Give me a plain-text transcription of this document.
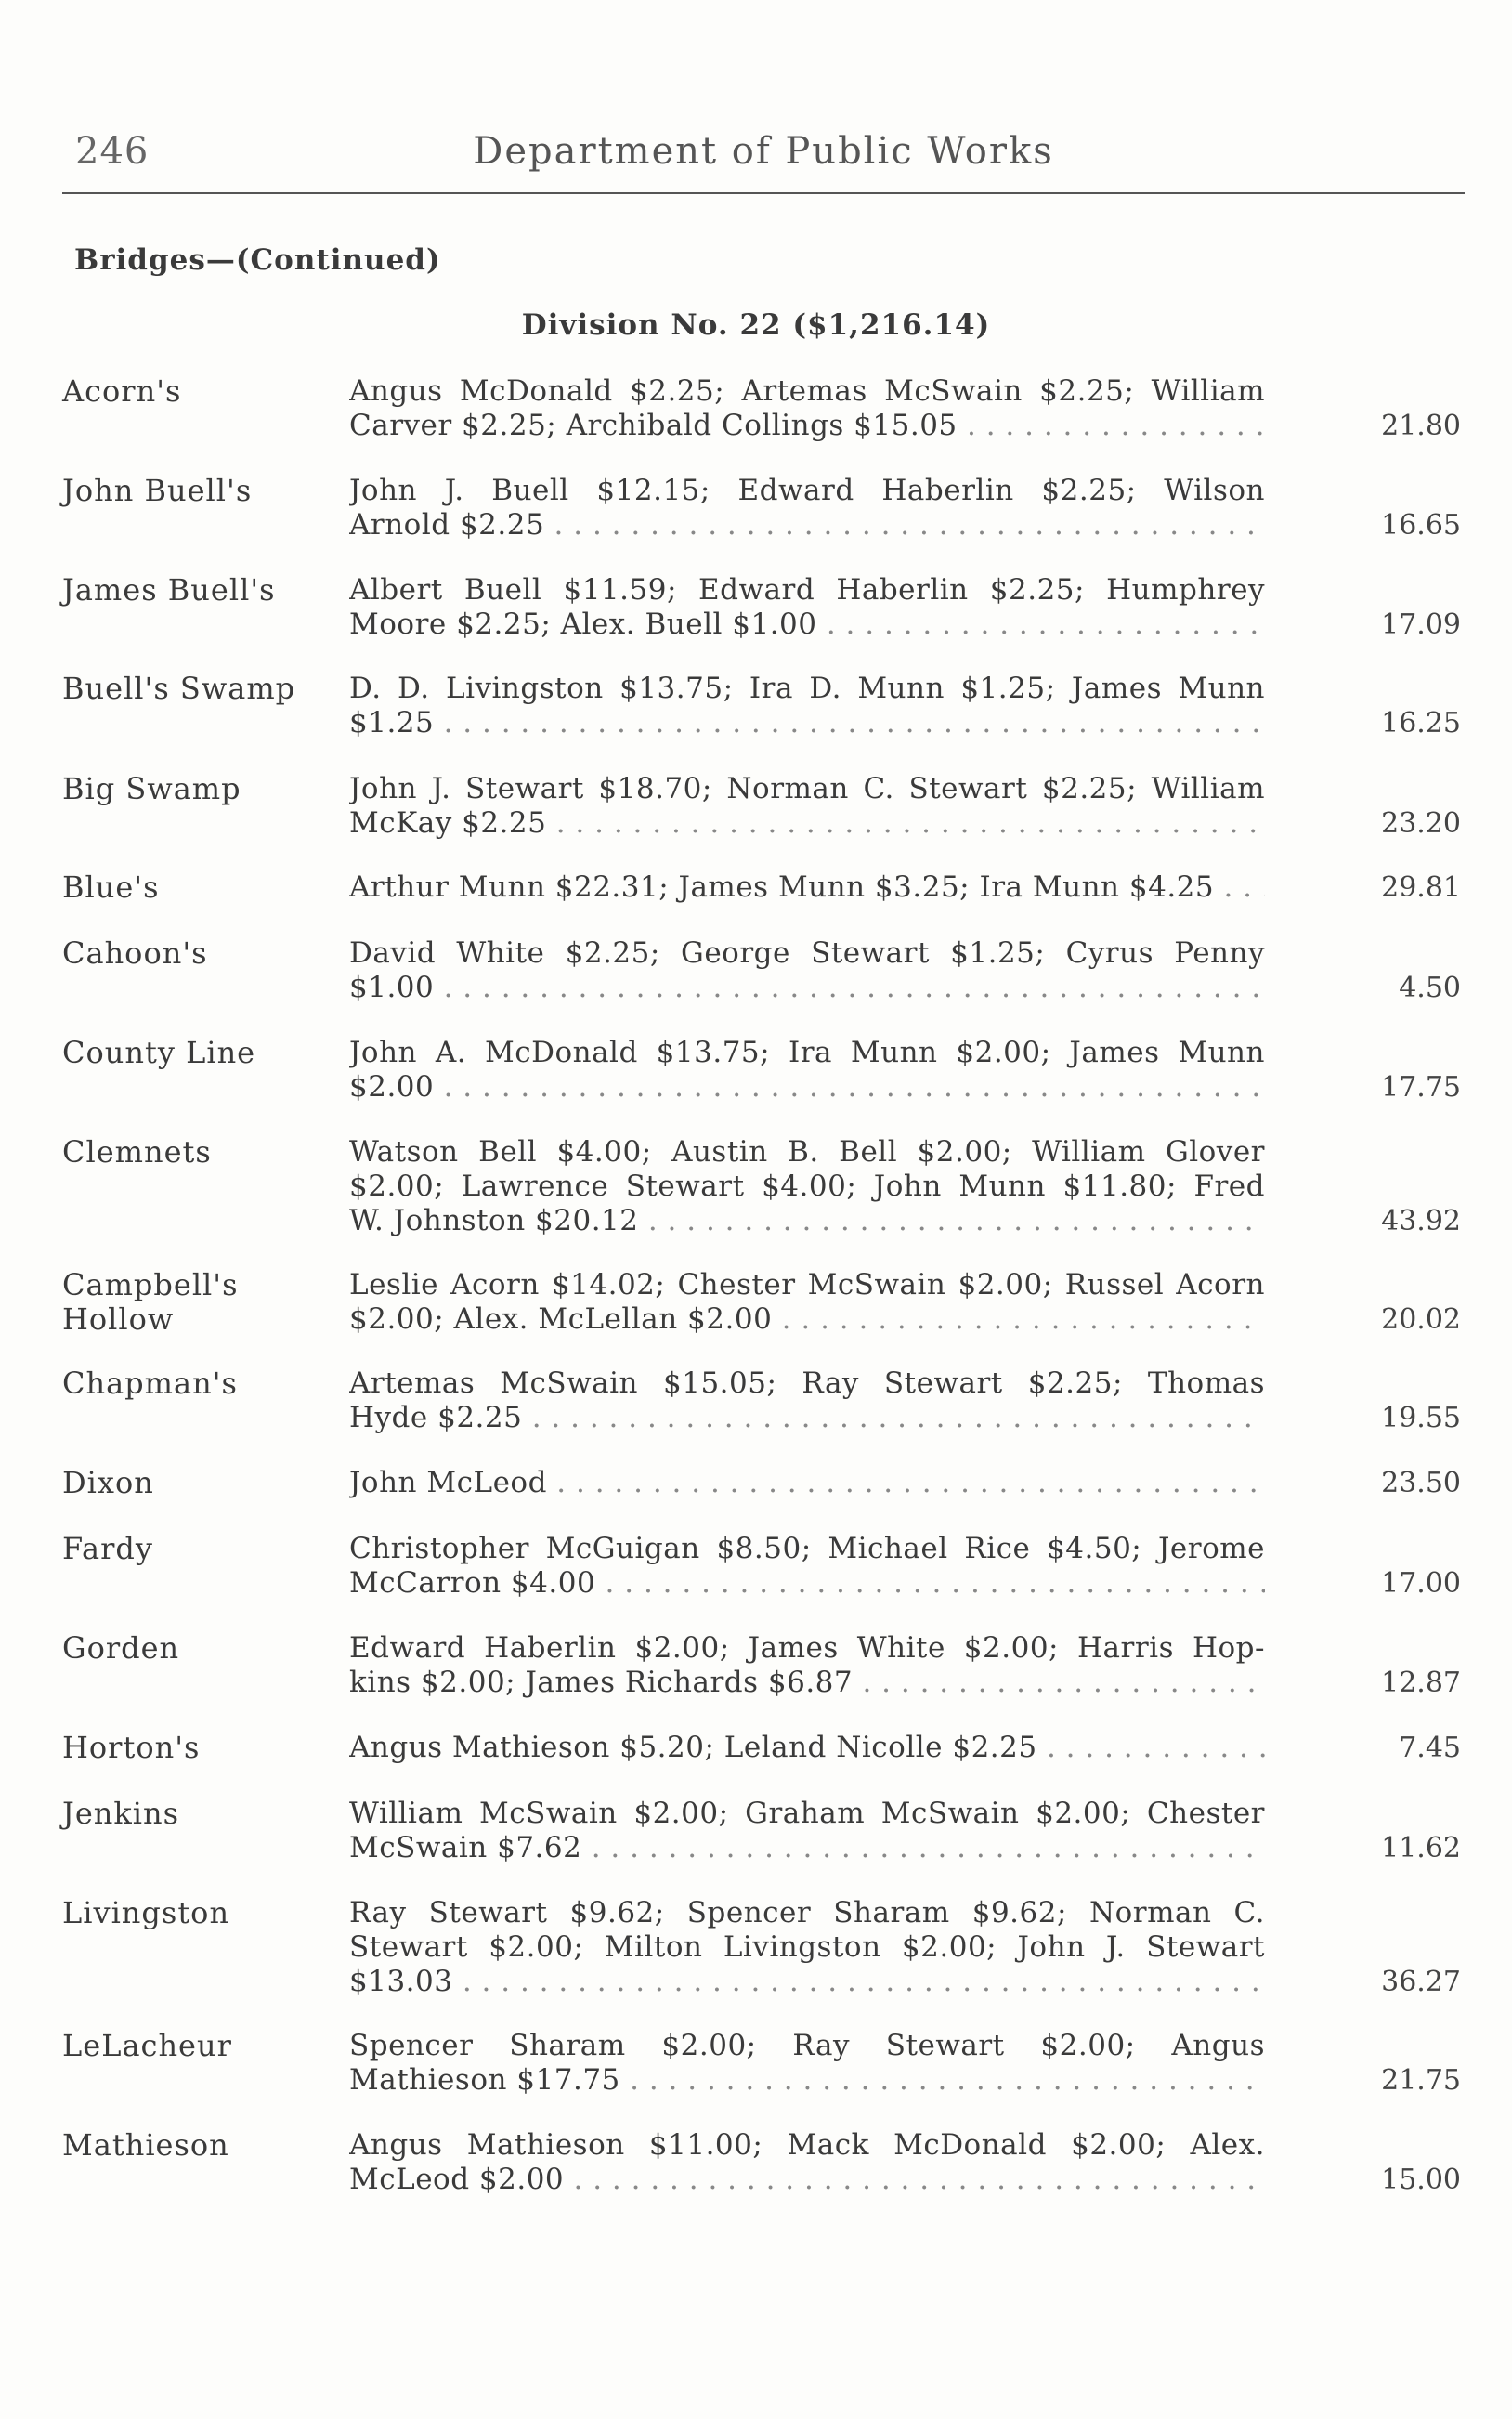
246	Department of Public Works
Bridges—(Continued)
Division No. 22 ($1,216.14)
Acorn's	Angus McDonald $2.25; Artemas McSwain $2.25; William
Carver $2.25; Archibald Collings $15.05 . . .	21.80
John Buell's	John J. Buell $12.15; Edward Haberlin $2.25; Wilson
Arnold $2.25 . . .	16.65
James Buell's	Albert Buell $11.59; Edward Haberlin $2.25; Humphrey
Moore $2.25; Alex. Buell $1.00 . . .	17.09
Buell's Swamp	D. D. Livingston $13.75; Ira D. Munn $1.25; James Munn
$1.25 . . .	16.25
Big Swamp	John J. Stewart $18.70; Norman C. Stewart $2.25; William
McKay $2.25 . . .	23.20
Blue's	Arthur Munn $22.31; James Munn $3.25; Ira Munn $4.25 . . .	29.81
Cahoon's	David White $2.25; George Stewart $1.25; Cyrus Penny
$1.00 . . .	4.50
County Line	John A. McDonald $13.75; Ira Munn $2.00; James Munn
$2.00 . . .	17.75
Clemnets	Watson Bell $4.00; Austin B. Bell $2.00; William Glover
$2.00; Lawrence Stewart $4.00; John Munn $11.80; Fred
W. Johnston $20.12 . . .	43.92
Campbell's Hollow
Leslie Acorn $14.02; Chester McSwain $2.00; Russel Acorn
$2.00; Alex. McLellan $2.00 . . .	20.02
Chapman's	Artemas McSwain $15.05; Ray Stewart $2.25; Thomas
Hyde $2.25 . . .	19.55
Dixon	John McLeod . . .	23.50
Fardy	Christopher McGuigan $8.50; Michael Rice $4.50; Jerome
McCarron $4.00 . . .	17.00
Gorden	Edward Haberlin $2.00; James White $2.00; Harris Hop-
kins $2.00; James Richards $6.87 . . .	12.87
Horton's	Angus Mathieson $5.20; Leland Nicolle $2.25 . . .	7.45
Jenkins	William McSwain $2.00; Graham McSwain $2.00; Chester
McSwain $7.62 . . .	11.62
Livingston	Ray Stewart $9.62; Spencer Sharam $9.62; Norman C.
Stewart $2.00; Milton Livingston $2.00; John J. Stewart
$13.03 . . .	36.27
LeLacheur	Spencer Sharam $2.00; Ray Stewart $2.00; Angus
Mathieson $17.75 . . .	21.75
Mathieson	Angus Mathieson $11.00; Mack McDonald $2.00; Alex.
McLeod $2.00 . . .	15.00
